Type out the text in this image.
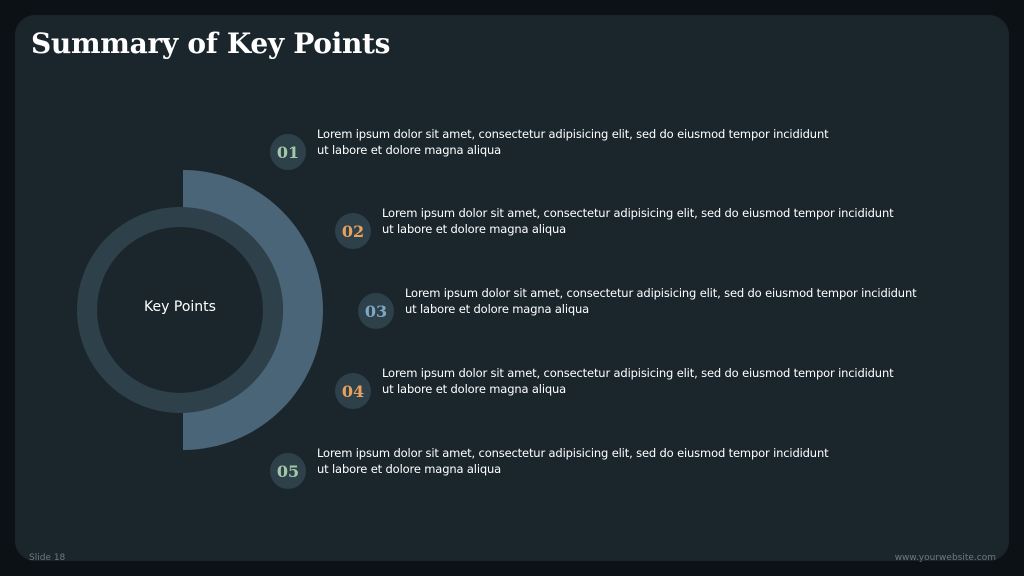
Summary of Key Points
Key Points
01
Lorem ipsum dolor sit amet, consectetur adipisicing elit, sed do eiusmod tempor incididunt
ut labore et dolore magna aliqua
02
Lorem ipsum dolor sit amet, consectetur adipisicing elit, sed do eiusmod tempor incididunt
ut labore et dolore magna aliqua
03
Lorem ipsum dolor sit amet, consectetur adipisicing elit, sed do eiusmod tempor incididunt
ut labore et dolore magna aliqua
04
Lorem ipsum dolor sit amet, consectetur adipisicing elit, sed do eiusmod tempor incididunt
ut labore et dolore magna aliqua
05
Lorem ipsum dolor sit amet, consectetur adipisicing elit, sed do eiusmod tempor incididunt
ut labore et dolore magna aliqua
Slide 18	www.yourwebsite.com
